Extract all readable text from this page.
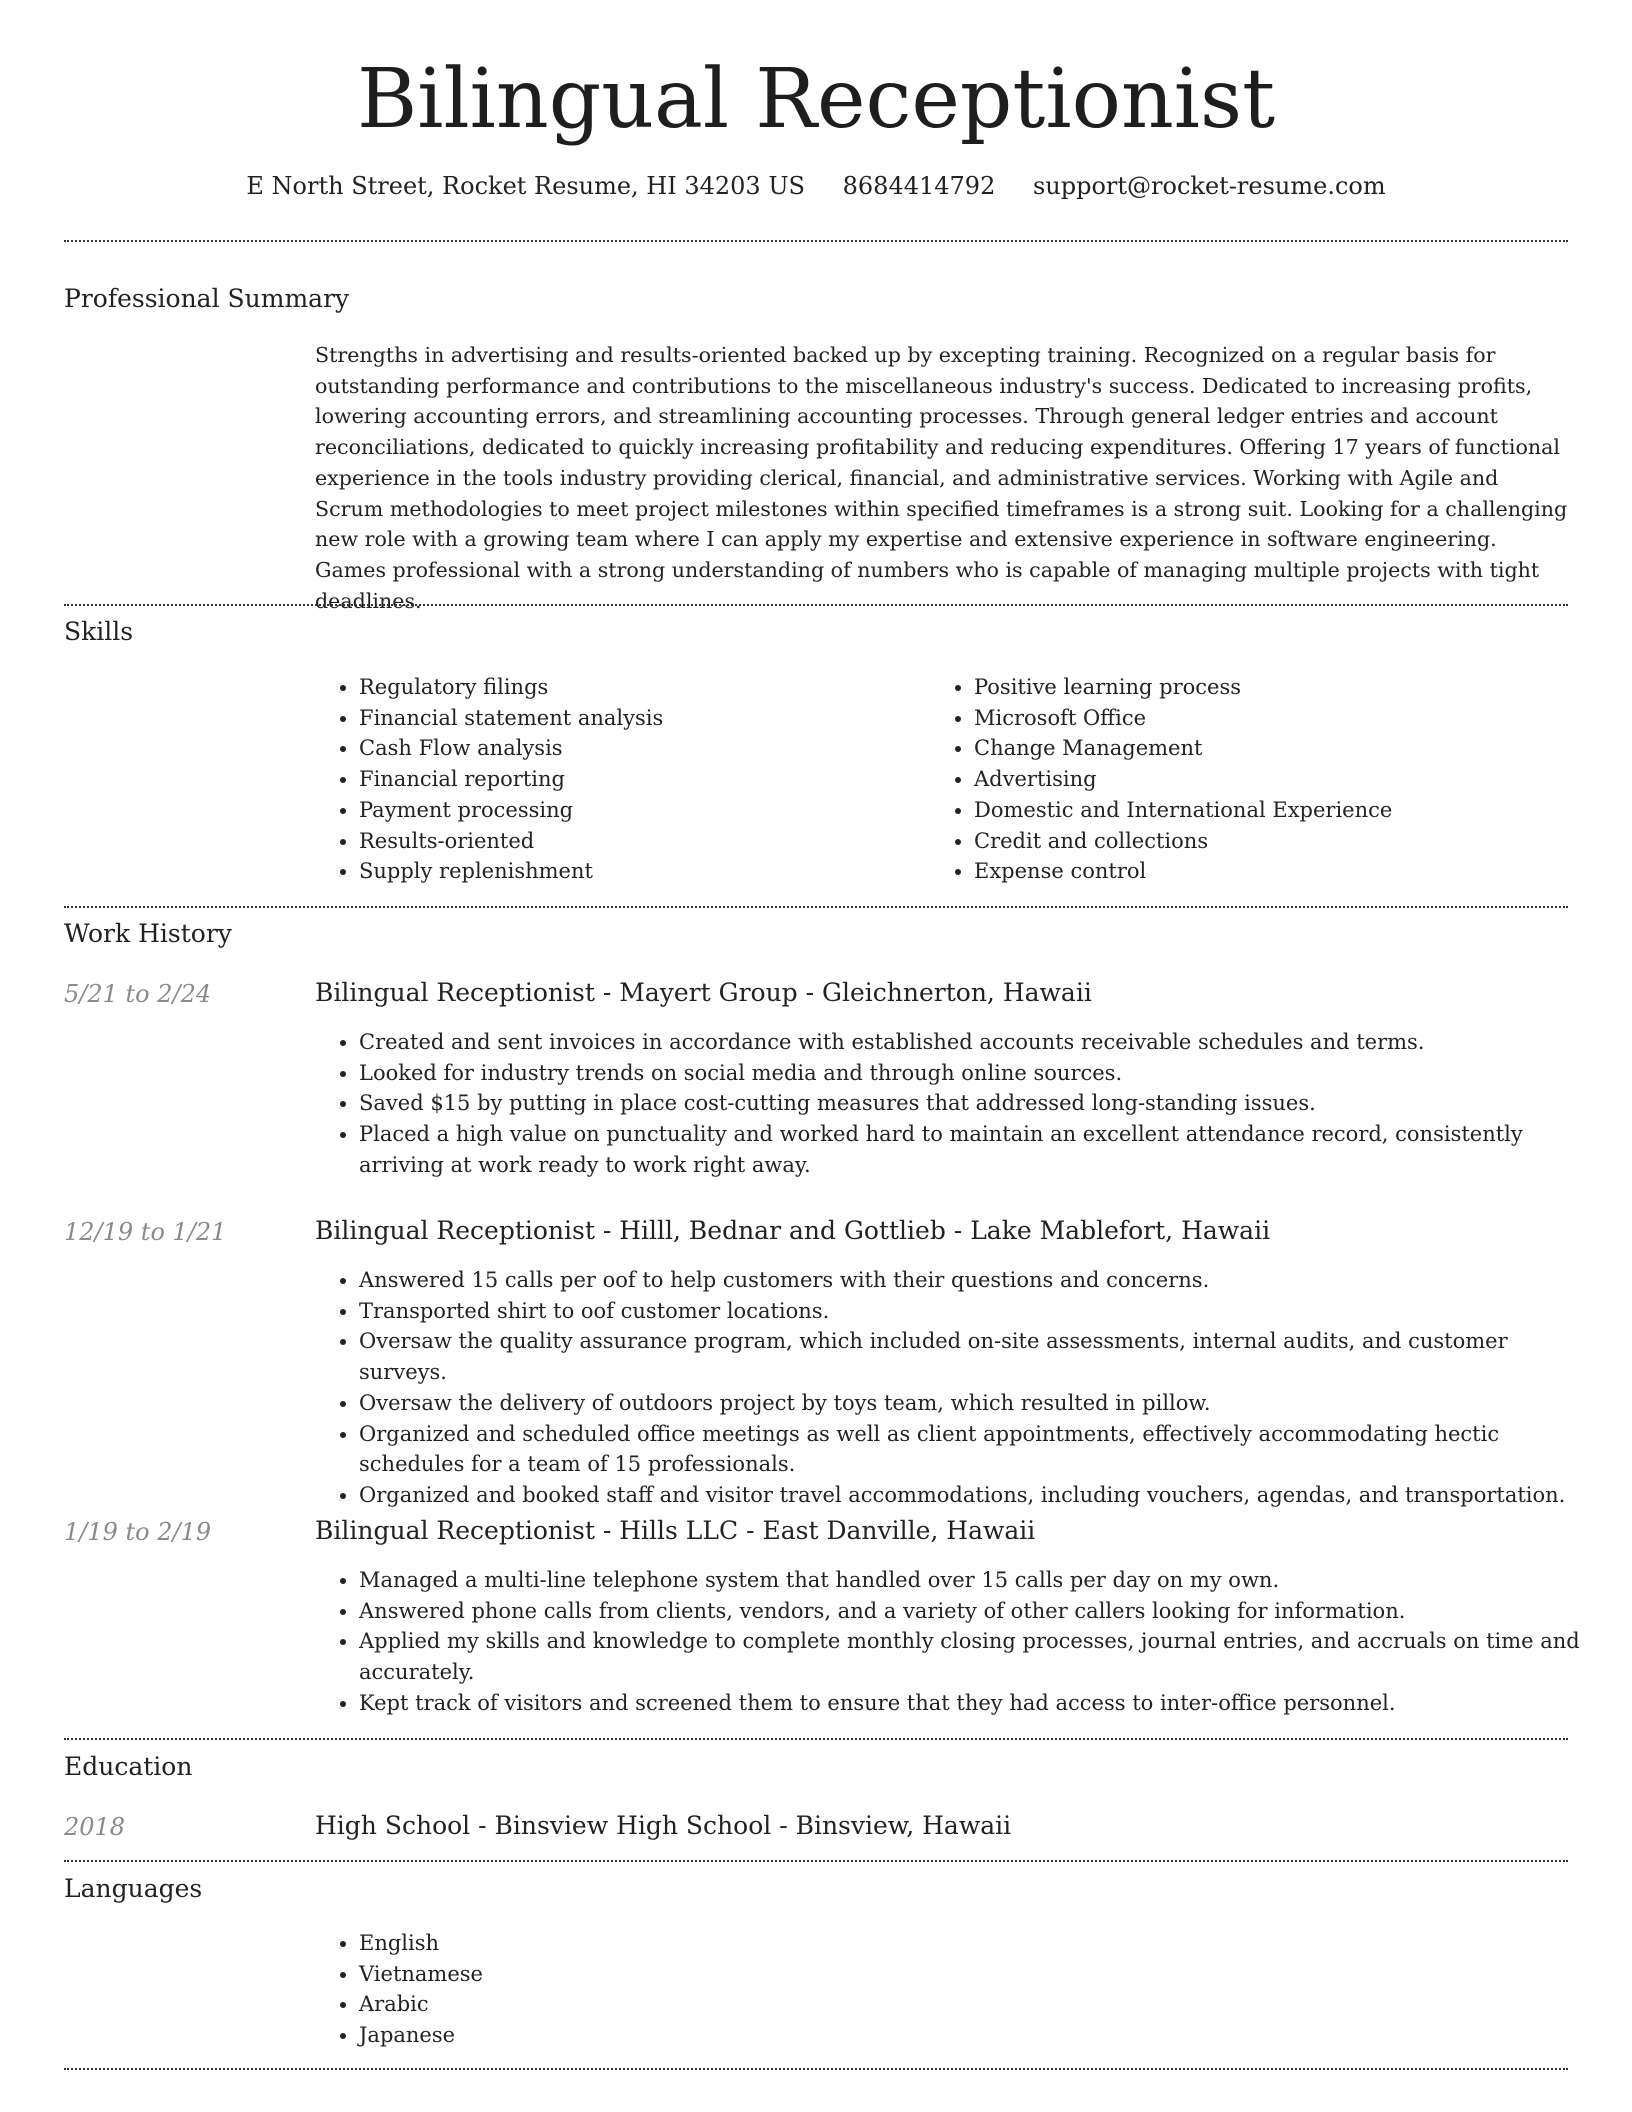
Bilingual Receptionist
E North Street, Rocket Resume, HI 34203 US 8684414792 support@rocket-resume.com
Professional Summary

Strengths in advertising and results-oriented backed up by excepting training. Recognized on a regular basis for outstanding performance and contributions to the miscellaneous industry's success. Dedicated to increasing profits, lowering accounting errors, and streamlining accounting processes. Through general ledger entries and account reconciliations, dedicated to quickly increasing profitability and reducing expenditures. Offering 17 years of functional experience in the tools industry providing clerical, financial, and administrative services. Working with Agile and Scrum methodologies to meet project milestones within specified timeframes is a strong suit. Looking for a challenging new role with a growing team where I can apply my expertise and extensive experience in software engineering. Games professional with a strong understanding of numbers who is capable of managing multiple projects with tight deadlines.

Skills
• Regulatory filings
• Financial statement analysis
• Cash Flow analysis
• Financial reporting
• Payment processing
• Results-oriented
• Supply replenishment
• Positive learning process
• Microsoft Office
• Change Management
• Advertising
• Domestic and International Experience
• Credit and collections
• Expense control
Work History
5/21 to 2/24	Bilingual Receptionist - Mayert Group - Gleichnerton, Hawaii
• Created and sent invoices in accordance with established accounts receivable schedules and terms.
• Looked for industry trends on social media and through online sources.
• Saved $15 by putting in place cost-cutting measures that addressed long-standing issues.
• Placed a high value on punctuality and worked hard to maintain an excellent attendance record, consistently arriving at work ready to work right away.
12/19 to 1/21	Bilingual Receptionist - Hilll, Bednar and Gottlieb - Lake Mablefort, Hawaii
• Answered 15 calls per oof to help customers with their questions and concerns.
• Transported shirt to oof customer locations.
• Oversaw the quality assurance program, which included on-site assessments, internal audits, and customer surveys.
• Oversaw the delivery of outdoors project by toys team, which resulted in pillow.
• Organized and scheduled office meetings as well as client appointments, effectively accommodating hectic schedules for a team of 15 professionals.
• Organized and booked staff and visitor travel accommodations, including vouchers, agendas, and transportation.
1/19 to 2/19	Bilingual Receptionist - Hills LLC - East Danville, Hawaii
• Managed a multi-line telephone system that handled over 15 calls per day on my own.
• Answered phone calls from clients, vendors, and a variety of other callers looking for information.
• Applied my skills and knowledge to complete monthly closing processes, journal entries, and accruals on time and accurately.
• Kept track of visitors and screened them to ensure that they had access to inter-office personnel.
Education
2018	High School - Binsview High School - Binsview, Hawaii
Languages
• English
• Vietnamese
• Arabic
• Japanese
